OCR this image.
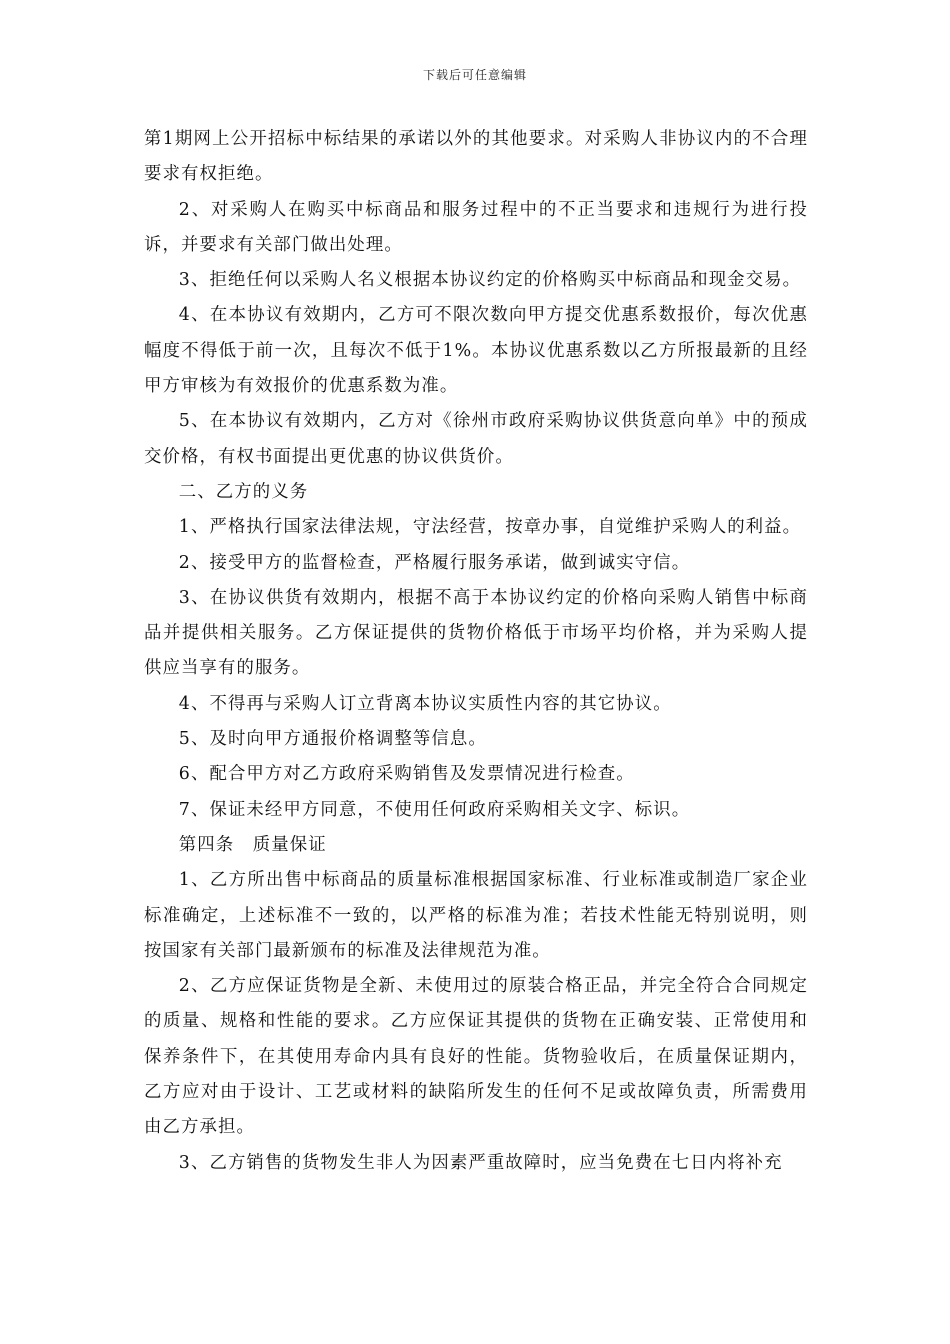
下载后可任意编辑

第1期网上公开招标中标结果的承诺以外的其他要求。对采购人非协议内的不合理要求有权拒绝。

2、对采购人在购买中标商品和服务过程中的不正当要求和违规行为进行投诉，并要求有关部门做出处理。

3、拒绝任何以采购人名义根据本协议约定的价格购买中标商品和现金交易。

4、在本协议有效期内，乙方可不限次数向甲方提交优惠系数报价，每次优惠幅度不得低于前一次，且每次不低于1%。本协议优惠系数以乙方所报最新的且经甲方审核为有效报价的优惠系数为准。

5、在本协议有效期内，乙方对《徐州市政府采购协议供货意向单》中的预成交价格，有权书面提出更优惠的协议供货价。

二、乙方的义务

1、严格执行国家法律法规，守法经营，按章办事，自觉维护采购人的利益。

2、接受甲方的监督检查，严格履行服务承诺，做到诚实守信。

3、在协议供货有效期内，根据不高于本协议约定的价格向采购人销售中标商品并提供相关服务。乙方保证提供的货物价格低于市场平均价格，并为采购人提供应当享有的服务。

4、不得再与采购人订立背离本协议实质性内容的其它协议。

5、及时向甲方通报价格调整等信息。

6、配合甲方对乙方政府采购销售及发票情况进行检查。

7、保证未经甲方同意，不使用任何政府采购相关文字、标识。

第四条　质量保证

1、乙方所出售中标商品的质量标准根据国家标准、行业标准或制造厂家企业标准确定，上述标准不一致的，以严格的标准为准；若技术性能无特别说明，则按国家有关部门最新颁布的标准及法律规范为准。

2、乙方应保证货物是全新、未使用过的原装合格正品，并完全符合合同规定的质量、规格和性能的要求。乙方应保证其提供的货物在正确安装、正常使用和保养条件下，在其使用寿命内具有良好的性能。货物验收后，在质量保证期内，乙方应对由于设计、工艺或材料的缺陷所发生的任何不足或故障负责，所需费用由乙方承担。

3、乙方销售的货物发生非人为因素严重故障时，应当免费在七日内将补充
